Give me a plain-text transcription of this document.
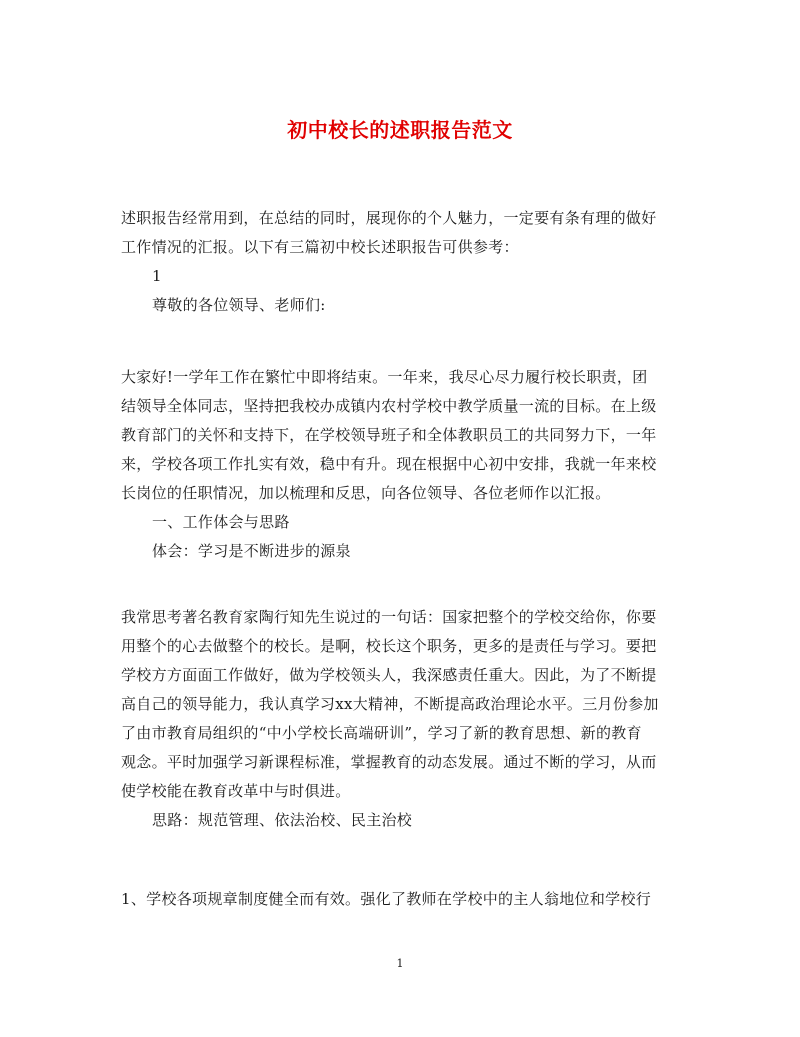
初中校长的述职报告范文
述职报告经常用到，在总结的同时，展现你的个人魅力，一定要有条有理的做好
工作情况的汇报。以下有三篇初中校长述职报告可供参考：
1
尊敬的各位领导、老师们:
大家好!一学年工作在繁忙中即将结束。一年来，我尽心尽力履行校长职责，团
结领导全体同志，坚持把我校办成镇内农村学校中教学质量一流的目标。在上级
教育部门的关怀和支持下，在学校领导班子和全体教职员工的共同努力下，一年
来，学校各项工作扎实有效，稳中有升。现在根据中心初中安排，我就一年来校
长岗位的任职情况，加以梳理和反思，向各位领导、各位老师作以汇报。
一、工作体会与思路
体会：学习是不断进步的源泉
我常思考著名教育家陶行知先生说过的一句话：国家把整个的学校交给你，你要
用整个的心去做整个的校长。是啊，校长这个职务，更多的是责任与学习。要把
学校方方面面工作做好，做为学校领头人，我深感责任重大。因此，为了不断提
高自己的领导能力，我认真学习xx大精神，不断提高政治理论水平。三月份参加
了由市教育局组织的“中小学校长高端研训”，学习了新的教育思想、新的教育
观念。平时加强学习新课程标准，掌握教育的动态发展。通过不断的学习，从而
使学校能在教育改革中与时俱进。
思路：规范管理、依法治校、民主治校
1、学校各项规章制度健全而有效。强化了教师在学校中的主人翁地位和学校行
1
